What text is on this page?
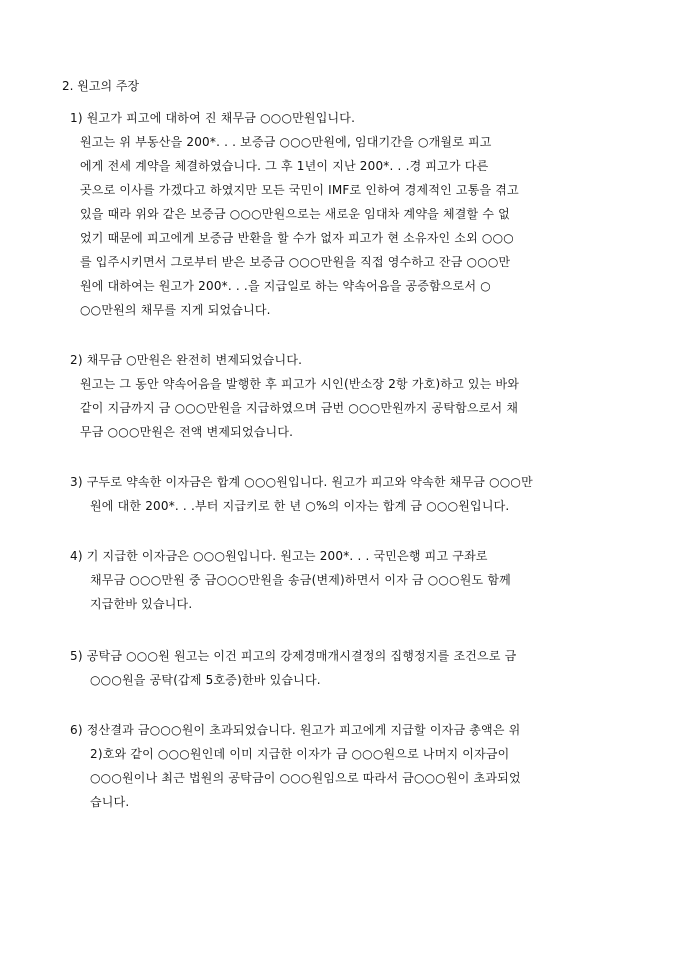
2. 원고의 주장
1) 원고가 피고에 대하여 진 채무금 ○○○만원입니다.
원고는 위 부동산을 200*. . . 보증금 ○○○만원에, 임대기간을 ○개월로 피고
에게 전세 계약을 체결하였습니다. 그 후 1년이 지난 200*. . .경 피고가 다른
곳으로 이사를 가겠다고 하였지만 모든 국민이 IMF로 인하여 경제적인 고통을 겪고
있을 때라 위와 같은 보증금 ○○○만원으로는 새로운 임대차 계약을 체결할 수 없
었기 때문에 피고에게 보증금 반환을 할 수가 없자 피고가 현 소유자인 소외 ○○○
를 입주시키면서 그로부터 받은 보증금 ○○○만원을 직접 영수하고 잔금 ○○○만
원에 대하여는 원고가 200*. . .을 지급일로 하는 약속어음을 공증함으로서 ○
○○만원의 채무를 지게 되었습니다.
2) 채무금 ○만원은 완전히 변제되었습니다.
원고는 그 동안 약속어음을 발행한 후 피고가 시인(반소장 2항 가호)하고 있는 바와
같이 지금까지 금 ○○○만원을 지급하였으며 금번 ○○○만원까지 공탁함으로서 채
무금 ○○○만원은 전액 변제되었습니다.
3) 구두로 약속한 이자금은 합계 ○○○원입니다. 원고가 피고와 약속한 채무금 ○○○만
원에 대한 200*. . .부터 지급키로 한 년 ○%의 이자는 합계 금 ○○○원입니다.
4) 기 지급한 이자금은 ○○○원입니다. 원고는 200*. . . 국민은행 피고 구좌로
채무금 ○○○만원 중 금○○○만원을 송금(변제)하면서 이자 금 ○○○원도 함께
지급한바 있습니다.
5) 공탁금 ○○○원 원고는 이건 피고의 강제경매개시결정의 집행정지를 조건으로 금
○○○원을 공탁(갑제 5호증)한바 있습니다.
6) 정산결과 금○○○원이 초과되었습니다. 원고가 피고에게 지급할 이자금 총액은 위
2)호와 같이 ○○○원인데 이미 지급한 이자가 금 ○○○원으로 나머지 이자금이
○○○원이나 최근 법원의 공탁금이 ○○○원임으로 따라서 금○○○원이 초과되었
습니다.
